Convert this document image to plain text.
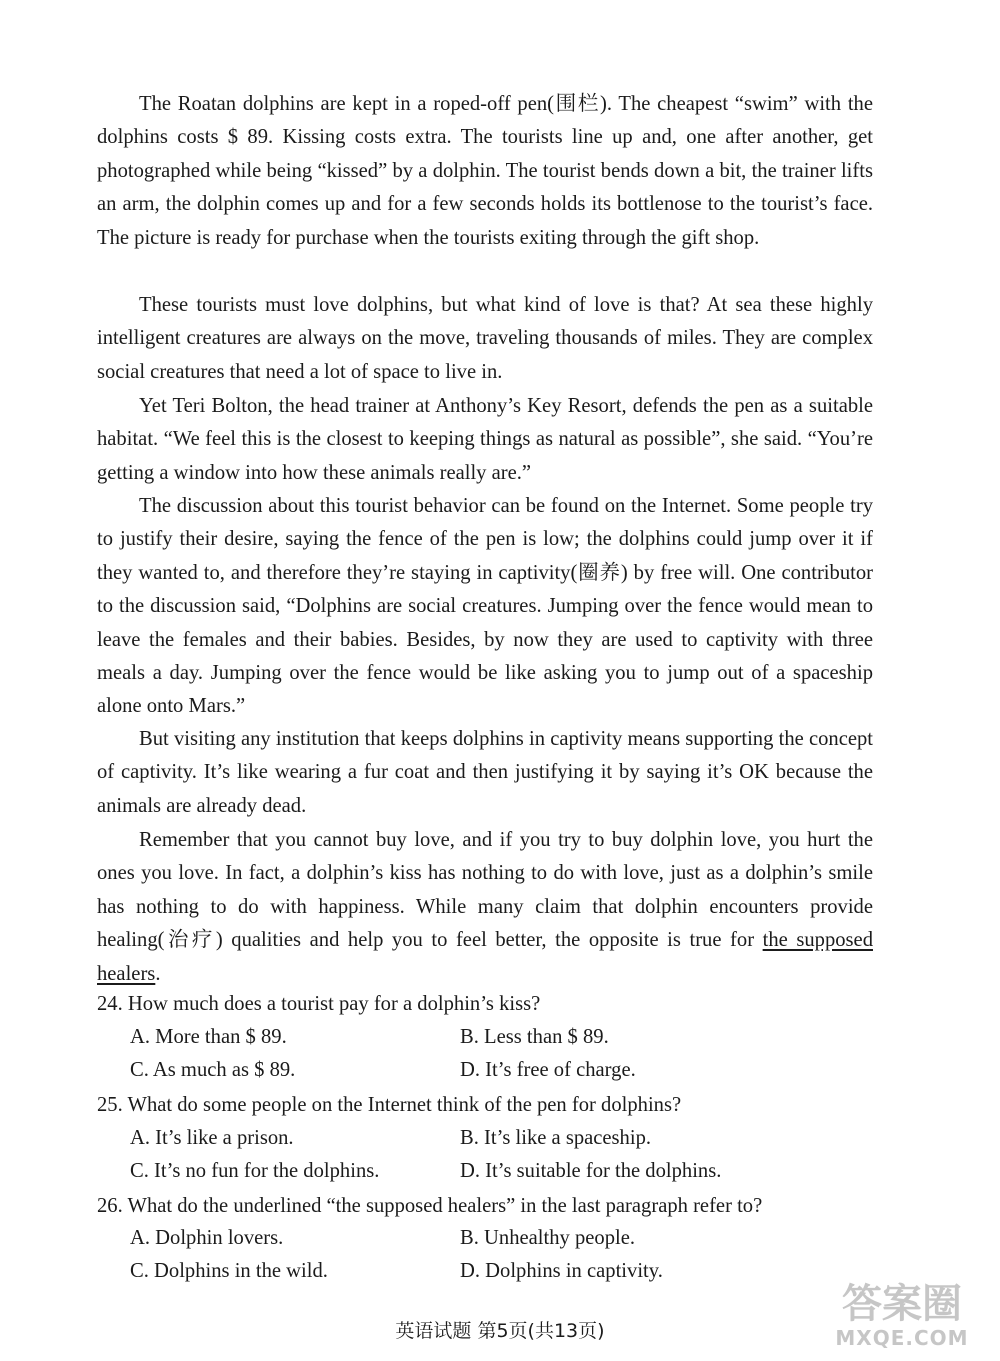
The Roatan dolphins are kept in a roped-off pen(围栏). The cheapest “swim” with the dolphins costs $ 89. Kissing costs extra. The tourists line up and, one after another, get photographed while being “kissed” by a dolphin. The tourist bends down a bit, the trainer lifts an arm, the dolphin comes up and for a few seconds holds its bottlenose to the tourist’s face. The picture is ready for purchase when the tourists exiting through the gift shop.

These tourists must love dolphins, but what kind of love is that? At sea these highly intelligent creatures are always on the move, traveling thousands of miles. They are complex social creatures that need a lot of space to live in.

Yet Teri Bolton, the head trainer at Anthony’s Key Resort, defends the pen as a suitable habitat. “We feel this is the closest to keeping things as natural as possible”, she said. “You’re getting a window into how these animals really are.”

The discussion about this tourist behavior can be found on the Internet. Some people try to justify their desire, saying the fence of the pen is low; the dolphins could jump over it if they wanted to, and therefore they’re staying in captivity(圈养) by free will. One contributor to the discussion said, “Dolphins are social creatures. Jumping over the fence would mean to leave the females and their babies. Besides, by now they are used to captivity with three meals a day. Jumping over the fence would be like asking you to jump out of a spaceship alone onto Mars.”

But visiting any institution that keeps dolphins in captivity means supporting the concept of captivity. It’s like wearing a fur coat and then justifying it by saying it’s OK because the animals are already dead.

Remember that you cannot buy love, and if you try to buy dolphin love, you hurt the ones you love. In fact, a dolphin’s kiss has nothing to do with love, just as a dolphin’s smile has nothing to do with happiness. While many claim that dolphin encounters provide healing(治疗) qualities and help you to feel better, the opposite is true for the supposed healers.

24. How much does a tourist pay for a dolphin’s kiss?

A. More than $ 89.	B. Less than $ 89.

C. As much as $ 89.	D. It’s free of charge.

25. What do some people on the Internet think of the pen for dolphins?

A. It’s like a prison.	B. It’s like a spaceship.

C. It’s no fun for the dolphins.	D. It’s suitable for the dolphins.

26. What do the underlined “the supposed healers” in the last paragraph refer to?

A. Dolphin lovers.	B. Unhealthy people.

C. Dolphins in the wild.	D. Dolphins in captivity.

英语试题 第5页(共13页)
答案圈
MXQE.COM
